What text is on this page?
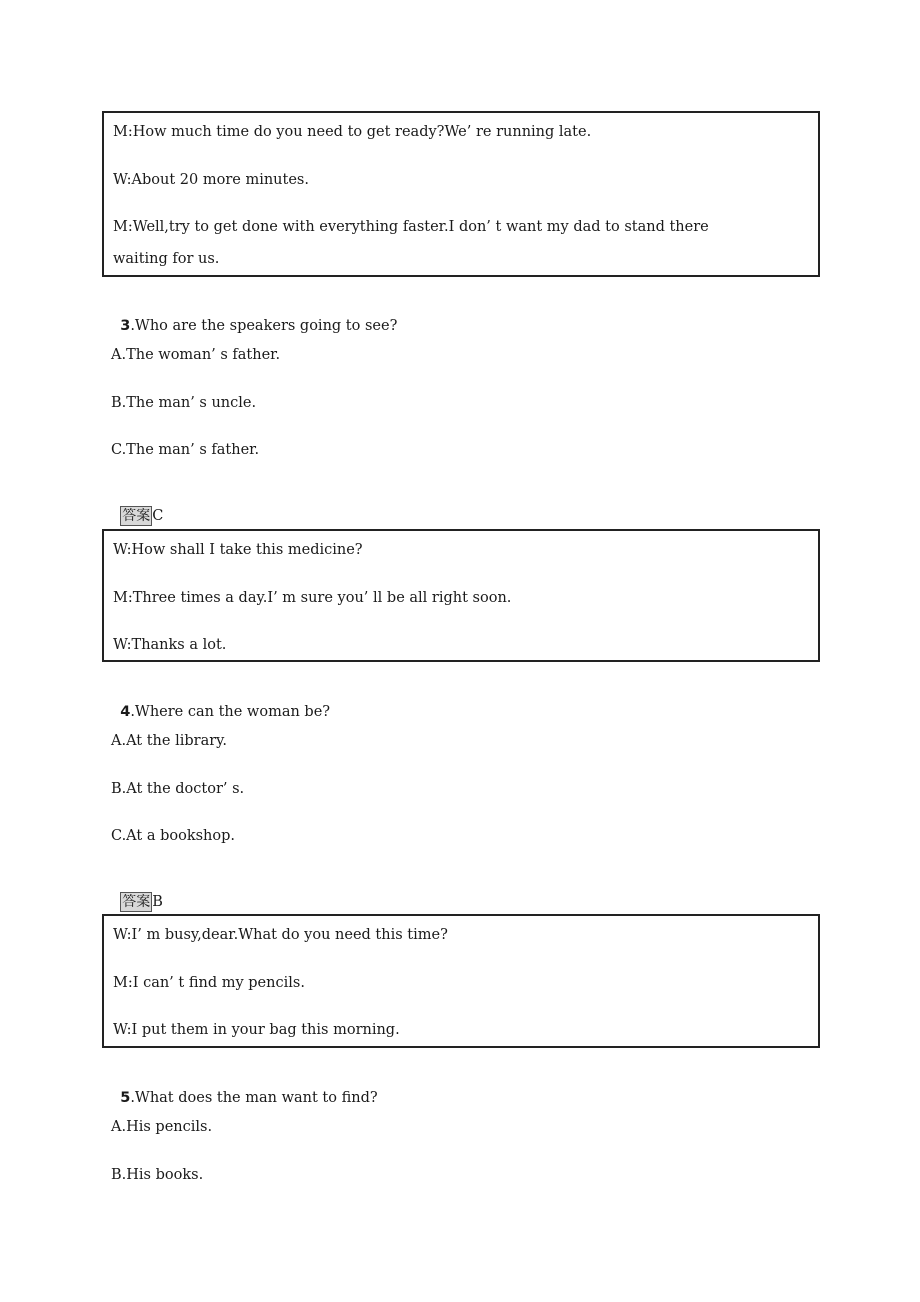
M:How much time do you need to get ready?We’ re running late.
W:About 20 more minutes.
M:Well,try to get done with everything faster.I don’ t want my dad to stand there
waiting for us.

3.Who are the speakers going to see?

A.The woman’ s father.
B.The man’ s uncle.
C.The man’ s father.

答案 C

W:How shall I take this medicine?
M:Three times a day.I’ m sure you’ ll be all right soon.
W:Thanks a lot.

4.Where can the woman be?

A.At the library.
B.At the doctor’ s.
C.At a bookshop.

答案 B

W:I’ m busy,dear.What do you need this time?
M:I can’ t find my pencils.
W:I put them in your bag this morning.

5.What does the man want to find?

A.His pencils.
B.His books.
